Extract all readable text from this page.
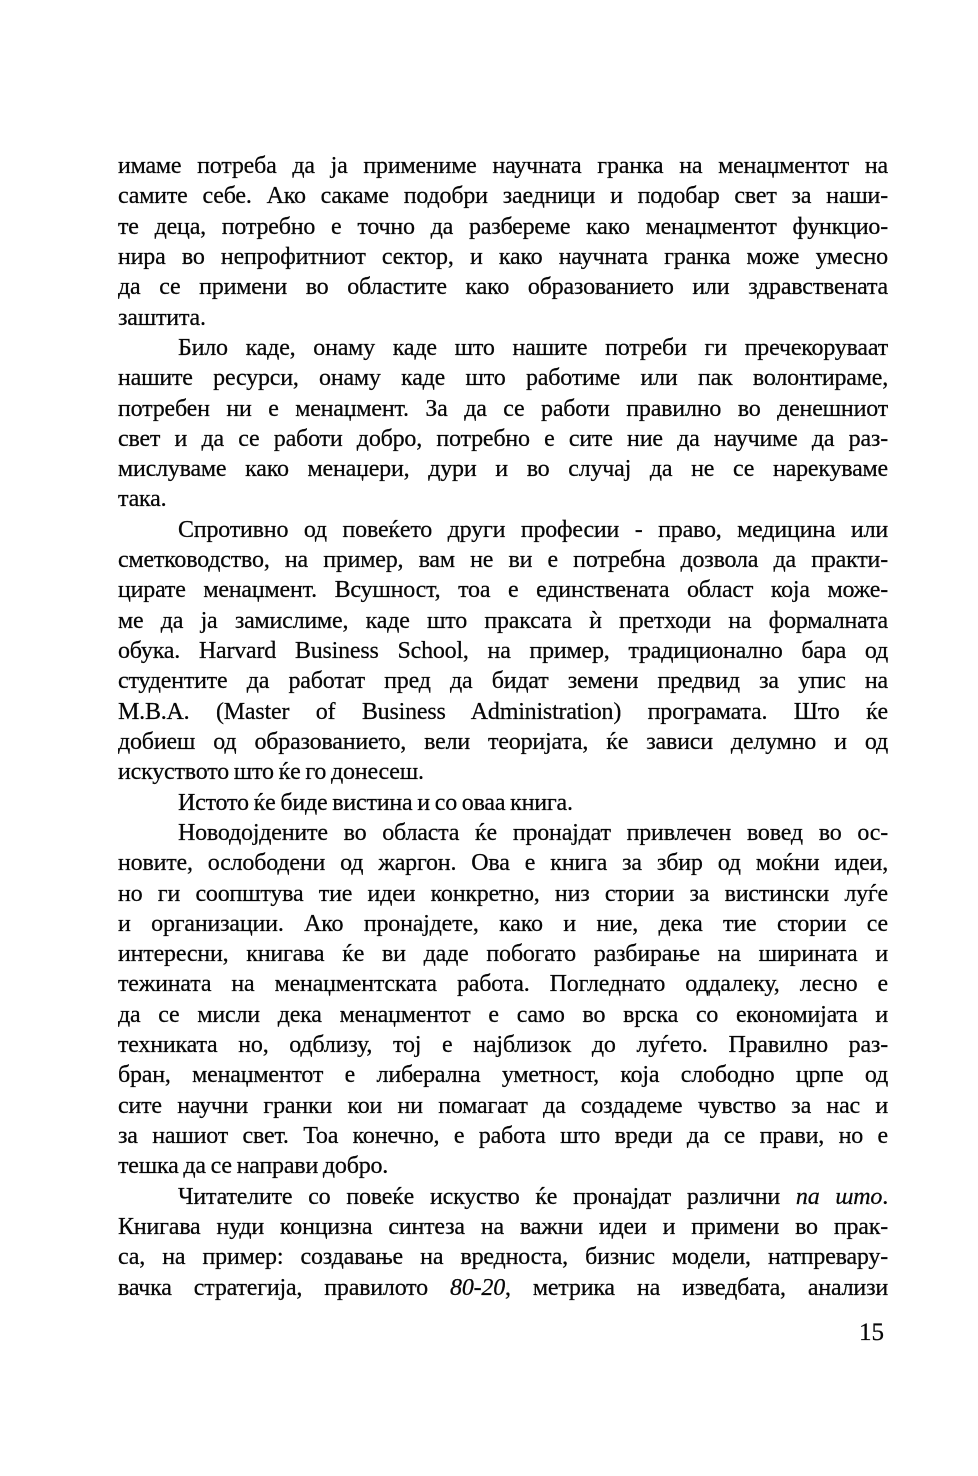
имаме потреба да ја примениме научната гранка на менаџментот на
самите себе. Ако сакаме подобри заедници и подобар свет за наши-
те деца, потребно е точно да разбереме како менаџментот функцио-
нира во непрофитниот сектор, и како научната гранка може умесно
да се примени во областите како образованието или здравствената
заштита.
Било каде, онаму каде што нашите потреби ги пречекоруваат
нашите ресурси, онаму каде што работиме или пак волонтираме,
потребен ни е менаџмент. За да се работи правилно во денешниот
свет и да се работи добро, потребно е сите ние да научиме да раз-
мислуваме како менаџери, дури и во случај да не се нарекуваме
така.
Спротивно од повеќето други професии - право, медицина или
сметководство, на пример, вам не ви е потребна дозвола да практи-
цирате менаџмент. Всушност, тоа е единствената област која може-
ме да ја замислиме, каде што праксата ѝ претходи на формалната
обука. Harvard Business School, на пример, традиционално бара од
студентите да работат пред да бидат земени предвид за упис на
M.B.A. (Master of Business Administration) програмата. Што ќе
добиеш од образованието, вели теоријата, ќе зависи делумно и од
искуството што ќе го донесеш.
Истото ќе биде вистина и со оваа книга.
Новодојдените во областа ќе пронајдат привлечен вовед во ос-
новите, ослободени од жаргон. Ова е книга за збир од моќни идеи,
но ги соопштува тие идеи конкретно, низ стории за вистински луѓе
и организации. Ако пронајдете, како и ние, дека тие стории се
интересни, книгава ќе ви даде побогато разбирање на ширината и
тежината на менаџментската работа. Погледнато оддалеку, лесно е
да се мисли дека менаџментот е само во врска со економијата и
техниката но, одблизу, тој е најблизок до луѓето. Правилно раз-
бран, менаџментот е либерална уметност, која слободно црпе од
сите научни гранки кои ни помагаат да создадеме чувство за нас и
за нашиот свет. Тоа конечно, е работа што вреди да се прави, но е
тешка да се направи добро.
Читателите со повеќе искуство ќе пронајдат различни па што.
Книгава нуди концизна синтеза на важни идеи и примени во прак-
са, на пример: создавање на вредноста, бизнис модели, натпревару-
вачка стратегија, правилото 80-20, метрика на изведбата, анализи
15
